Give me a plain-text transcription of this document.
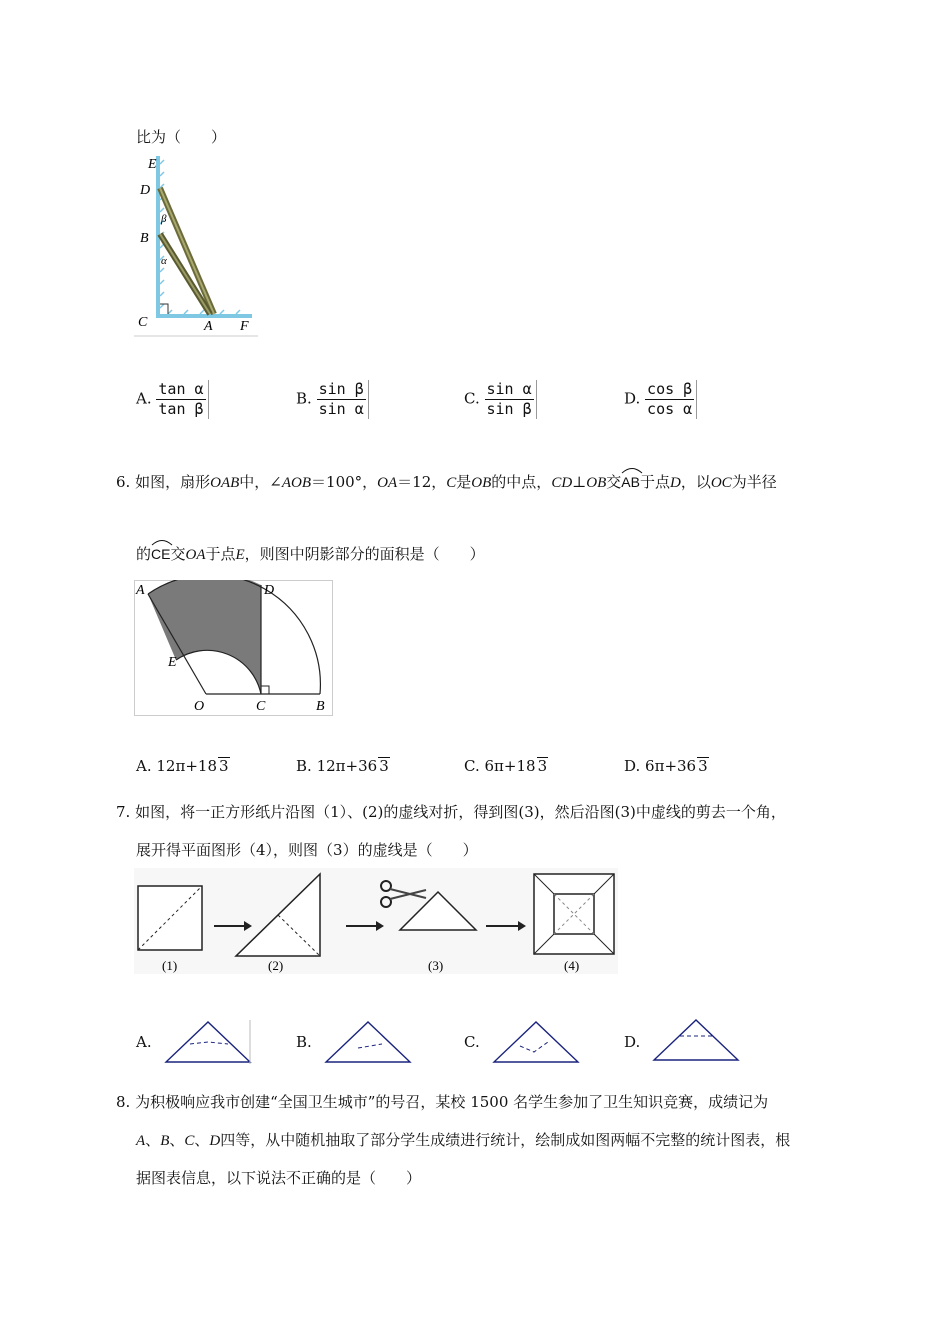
比为（　　）
E
D
B
C	A F
β
α
A. $\frac{\text{tan α}}{\text{tan β}}$	B. $\frac{\text{sin β}}{\text{sin α}}$	C. $\frac{\text{sin α}}{\text{sin β}}$	D. $\frac{\text{cos β}}{\text{cos α}}$
6. 如图，扇形OAB中，∠AOB＝100°，OA＝12，C是OB的中点，CD⊥OB交
AB于点D，以OC为半径
的
CE交OA于点E，则图中阴影部分的面积是（　　）
A	D
E
O	C	B
A. 12π+18 3	B. 12π+36 3	C. 6π+18 3	D. 6π+36 3
7. 如图，将一正方形纸片沿图（1）、(2)的虚线对折，得到图(3)，然后沿图(3)中虚线的剪去一个角，
展开得平面图形（4），则图（3）的虚线是（　　）
(1)	(2)	(3)	(4)
A.	B.	C.	D.
8. 为积极响应我市创建“全国卫生城市”的号召，某校 1500 名学生参加了卫生知识竞赛，成绩记为
A、B、C、D四等，从中随机抽取了部分学生成绩进行统计，绘制成如图两幅不完整的统计图表，根
据图表信息，以下说法不正确的是（　　）
